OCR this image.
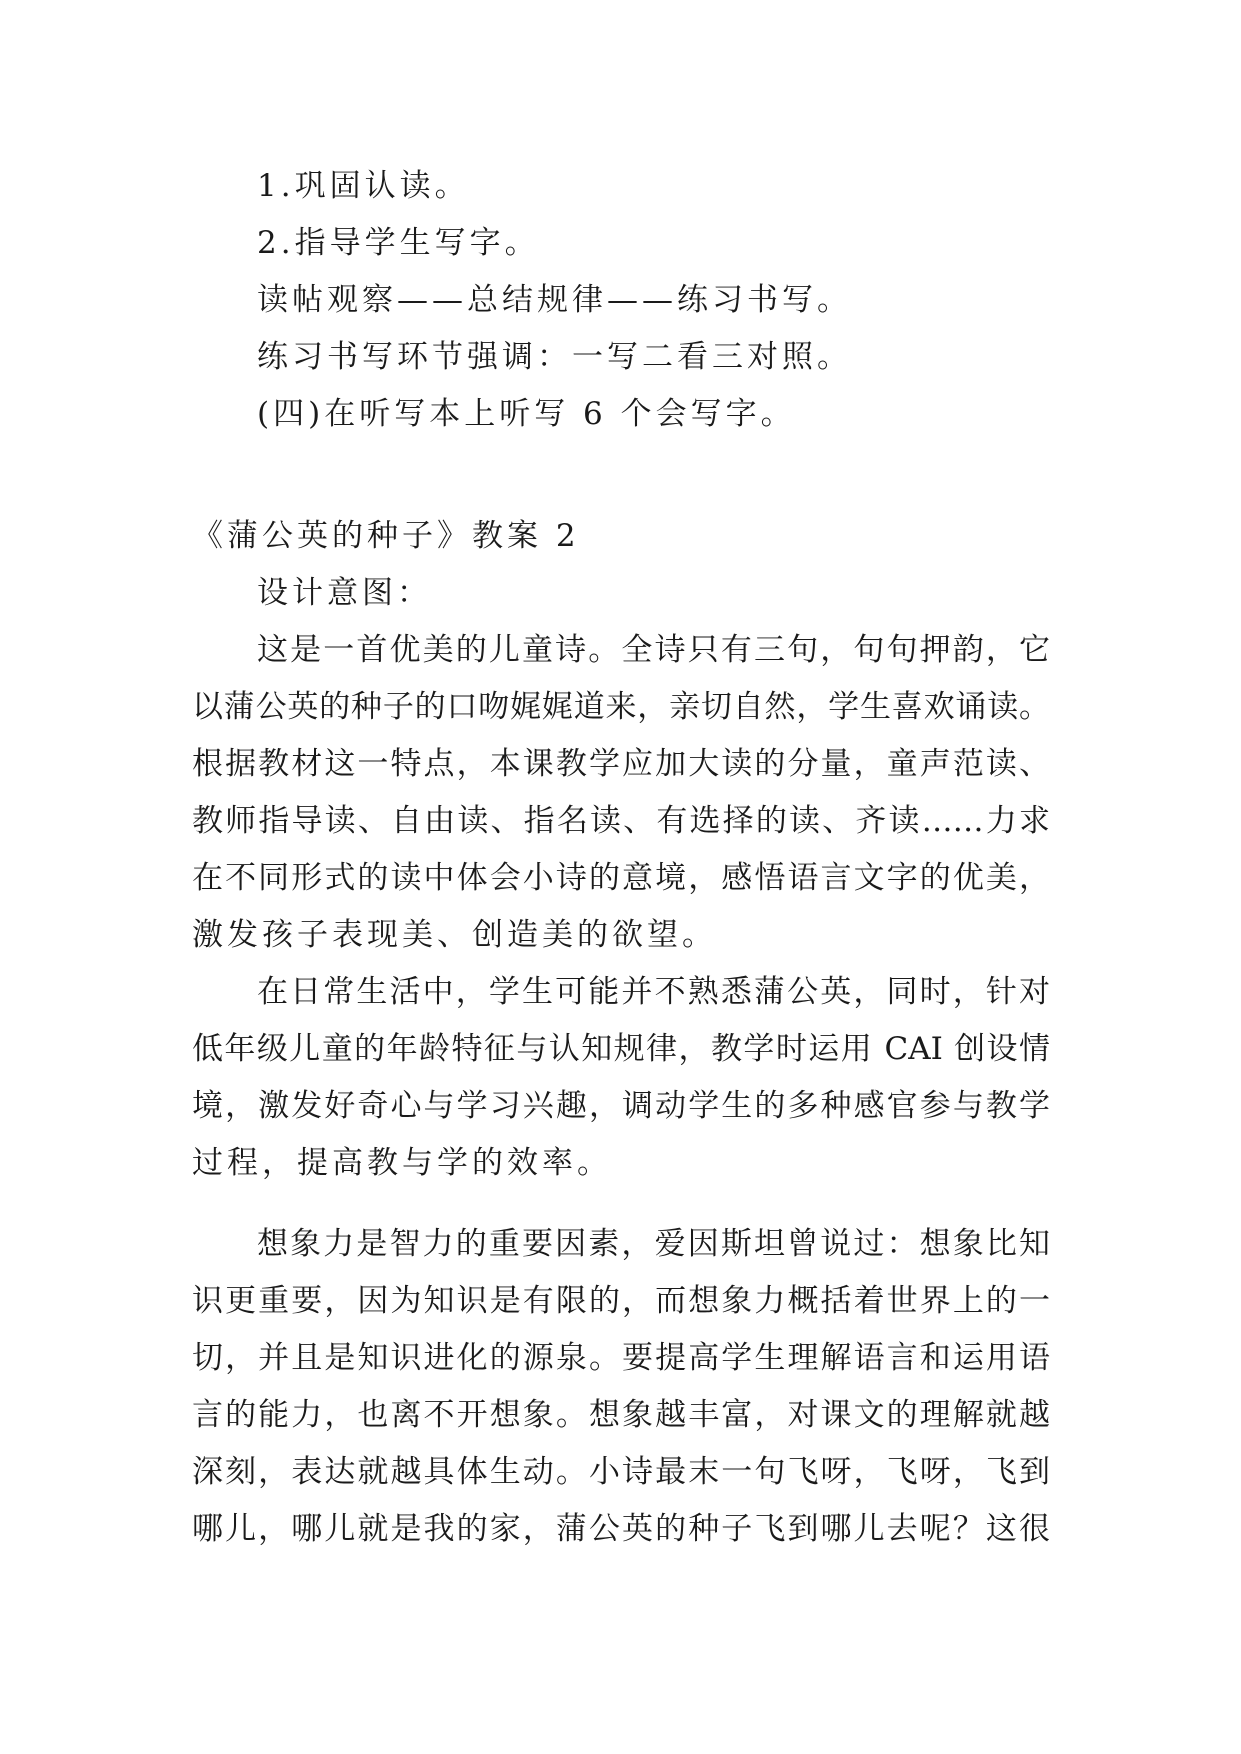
1.巩固认读。
2.指导学生写字。
读帖观察——总结规律——练习书写。
练习书写环节强调：一写二看三对照。
(四)在听写本上听写 6 个会写字。
《蒲公英的种子》教案 2
设计意图：
这是一首优美的儿童诗。全诗只有三句，句句押韵，它
以蒲公英的种子的口吻娓娓道来，亲切自然，学生喜欢诵读。
根据教材这一特点，本课教学应加大读的分量，童声范读、
教师指导读、自由读、指名读、有选择的读、齐读……力求
在不同形式的读中体会小诗的意境，感悟语言文字的优美，
激发孩子表现美、创造美的欲望。
在日常生活中，学生可能并不熟悉蒲公英，同时，针对
低年级儿童的年龄特征与认知规律，教学时运用 CAI 创设情
境，激发好奇心与学习兴趣，调动学生的多种感官参与教学
过程，提高教与学的效率。
想象力是智力的重要因素，爱因斯坦曾说过：想象比知
识更重要，因为知识是有限的，而想象力概括着世界上的一
切，并且是知识进化的源泉。要提高学生理解语言和运用语
言的能力，也离不开想象。想象越丰富，对课文的理解就越
深刻，表达就越具体生动。小诗最末一句飞呀，飞呀，飞到
哪儿，哪儿就是我的家，蒲公英的种子飞到哪儿去呢？这很
